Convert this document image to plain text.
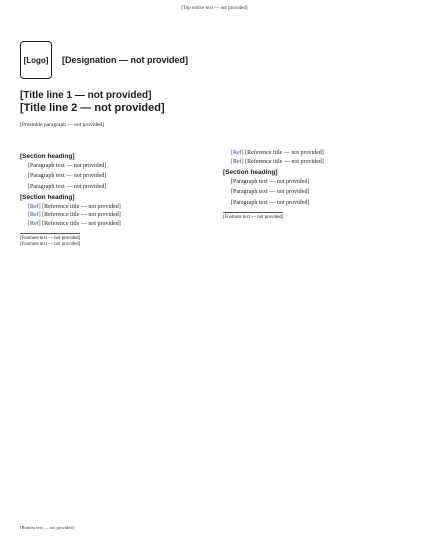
[Top notice text — not provided]
[Logo]	[Designation — not provided]
[Title line 1 — not provided]
[Title line 2 — not provided]
[Preamble paragraph — not provided]
[Section heading]

[Paragraph text — not provided]

[Paragraph text — not provided]

[Paragraph text — not provided]

[Section heading]
[Ref] [Reference title — not provided]
[Ref] [Reference title — not provided]
[Ref] [Reference title — not provided]
[Footnote text — not provided]
[Footnote text — not provided]
[Ref] [Reference title — not provided]
[Ref] [Reference title — not provided]
[Section heading]

[Paragraph text — not provided]

[Paragraph text — not provided]

[Paragraph text — not provided]

[Footnote text — not provided]
[Bottom text — not provided]
